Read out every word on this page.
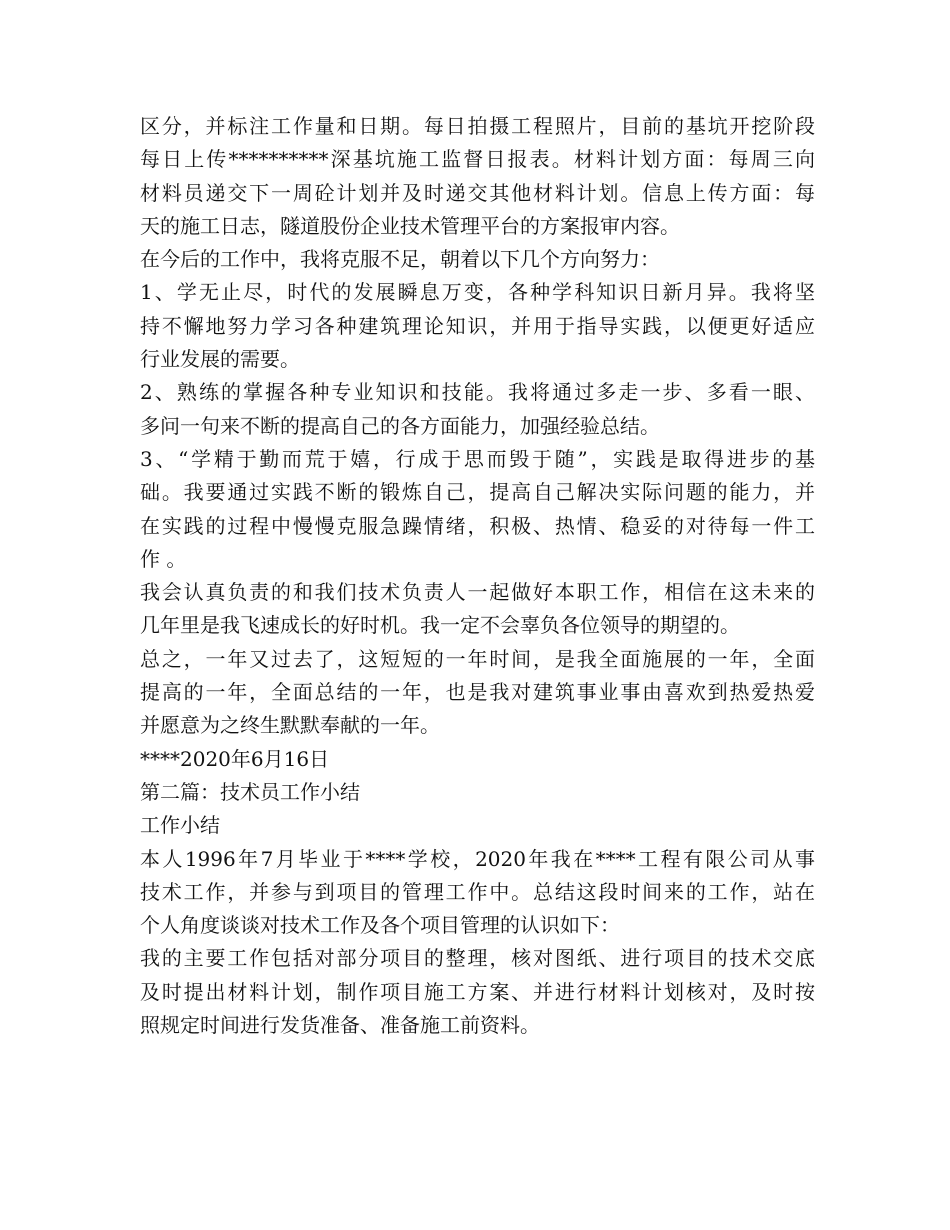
区分，并标注工作量和日期。每日拍摄工程照片，目前的基坑开挖阶段
每日上传**********深基坑施工监督日报表。材料计划方面：每周三向
材料员递交下一周砼计划并及时递交其他材料计划。信息上传方面：每
天的施工日志，隧道股份企业技术管理平台的方案报审内容。
在今后的工作中，我将克服不足，朝着以下几个方向努力：
1、学无止尽，时代的发展瞬息万变，各种学科知识日新月异。我将坚
持不懈地努力学习各种建筑理论知识，并用于指导实践，以便更好适应
行业发展的需要。
2、熟练的掌握各种专业知识和技能。我将通过多走一步、多看一眼、
多问一句来不断的提高自己的各方面能力，加强经验总结。
3、“学精于勤而荒于嬉，行成于思而毁于随”，实践是取得进步的基
础。我要通过实践不断的锻炼自己，提高自己解决实际问题的能力，并
在实践的过程中慢慢克服急躁情绪，积极、热情、稳妥的对待每一件工
作 。
我会认真负责的和我们技术负责人一起做好本职工作，相信在这未来的
几年里是我飞速成长的好时机。我一定不会辜负各位领导的期望的。
总之，一年又过去了，这短短的一年时间，是我全面施展的一年，全面
提高的一年，全面总结的一年，也是我对建筑事业事由喜欢到热爱热爱
并愿意为之终生默默奉献的一年。
****2020年6月16日
第二篇：技术员工作小结
工作小结
本人1996年7月毕业于****学校，2020年我在****工程有限公司从事
技术工作，并参与到项目的管理工作中。总结这段时间来的工作，站在
个人角度谈谈对技术工作及各个项目管理的认识如下：
我的主要工作包括对部分项目的整理，核对图纸、进行项目的技术交底
及时提出材料计划，制作项目施工方案、并进行材料计划核对，及时按
照规定时间进行发货准备、准备施工前资料。
